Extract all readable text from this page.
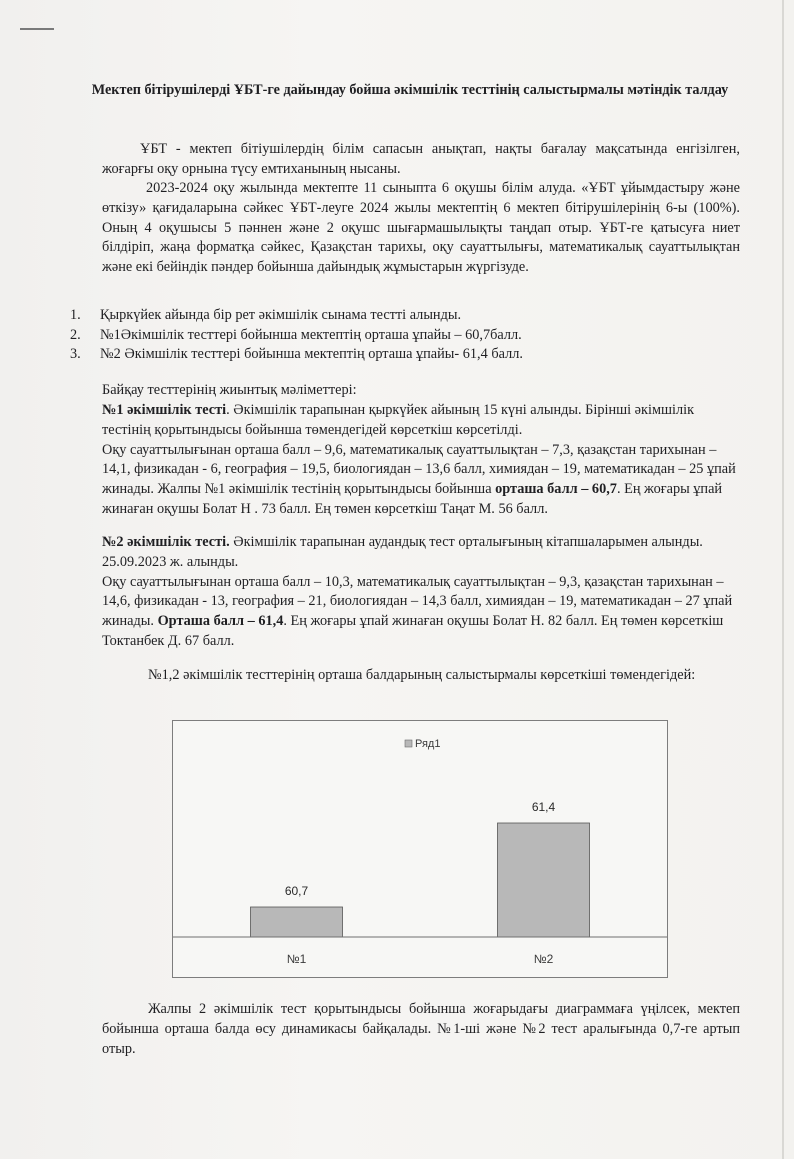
Мектеп бітірушілерді ҰБТ-ге дайындау бойша әкімшілік тесттінің салыстырмалы мәтіндік талдау
ҰБТ - мектеп бітіушілердің білім сапасын анықтап, нақты бағалау мақсатында енгізілген, жоғарғы оқу орнына түсу емтиханының нысаны.
2023-2024 оқу жылында мектепте 11 сыныпта 6 оқушы білім алуда. «ҰБТ ұйымдастыру және өткізу» қағидаларына сәйкес ҰБТ-леуге 2024 жылы мектептің 6 мектеп бітірушілерінің 6-ы (100%). Оның 4 оқушысы 5 пәннен және 2 оқушс шығармашылықты таңдап отыр. ҰБТ-ге қатысуға ниет білдіріп, жаңа форматқа сәйкес, Қазақстан тарихы, оқу сауаттылығы, математикалық сауаттылықтан және екі бейіндік пәндер бойынша дайындық жұмыстарын жүргізуде.
1. Қыркүйек айында бір рет әкімшілік сынама тестті алынды.
2. №1Әкімшілік тесттері бойынша мектептің орташа ұпайы – 60,7балл.
3. №2 Әкімшілік тесттері бойынша мектептің орташа ұпайы- 61,4 балл.
Байқау тесттерінің жиынтық мәліметтері:
№1 әкімшілік тесті. Әкімшілік тарапынан қыркүйек айының 15 күні алынды. Бірінші әкімшілік тестінің қорытындысы бойынша төмендегідей көрсеткіш көрсетілді.
Оқу сауаттылығынан орташа балл – 9,6, математикалық сауаттылықтан – 7,3, қазақстан тарихынан – 14,1, физикадан - 6, география – 19,5, биологиядан – 13,6 балл, химиядан – 19, математикадан – 25 ұпай жинады. Жалпы №1 әкімшілік тестінің қорытындысы бойынша орташа балл – 60,7. Ең жоғары ұпай жинаған оқушы Болат Н . 73 балл. Ең төмен көрсеткіш Таңат М. 56 балл.
№2 әкімшілік тесті. Әкімшілік тарапынан аудандық тест орталығының кітапшаларымен алынды. 25.09.2023 ж. алынды.
Оқу сауаттылығынан орташа балл – 10,3, математикалық сауаттылықтан – 9,3, қазақстан тарихынан – 14,6, физикадан - 13, география – 21, биологиядан – 14,3 балл, химиядан – 19, математикадан – 27 ұпай жинады. Орташа балл – 61,4. Ең жоғары ұпай жинаған оқушы Болат Н. 82 балл. Ең төмен көрсеткіш Токтанбек Д. 67 балл.
№1,2 әкімшілік тесттерінің орташа балдарының салыстырмалы көрсеткіші төмендегідей:
Ряд1
60,7
№1
61,4
№2
Жалпы 2 әкімшілік тест қорытындысы бойынша жоғарыдағы диаграммаға үңілсек, мектеп бойынша орташа балда өсу динамикасы байқалады. №1-ші және №2 тест аралығында 0,7-ге артып отыр.
